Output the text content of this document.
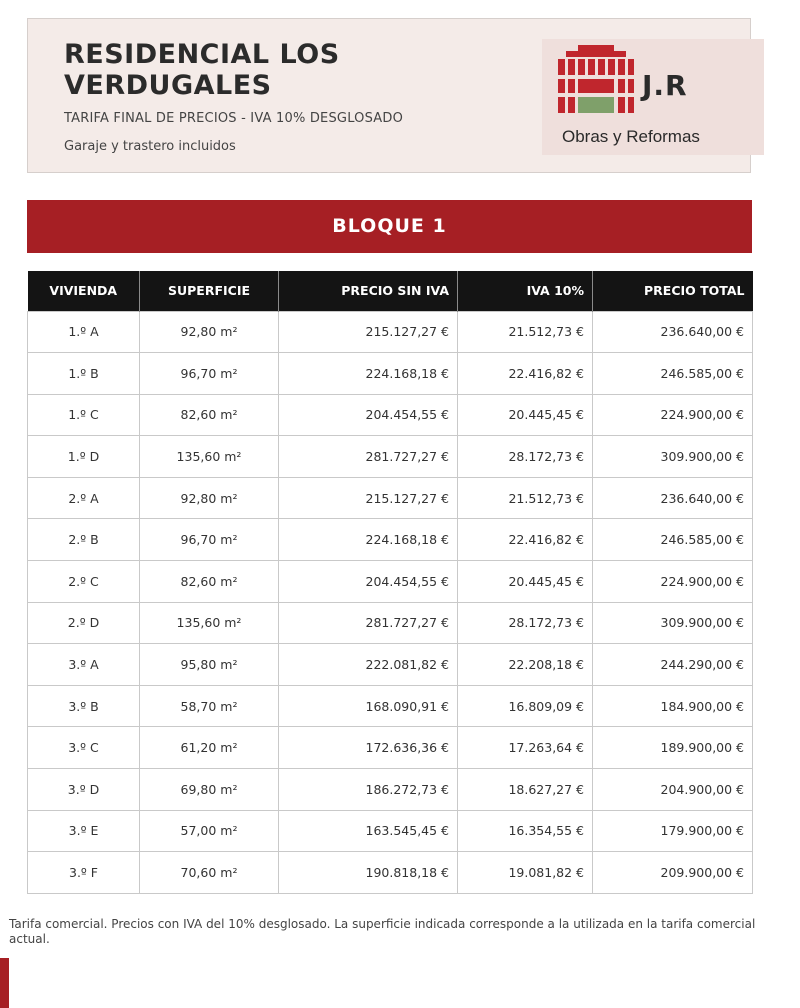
RESIDENCIAL LOS VERDUGALES
TARIFA FINAL DE PRECIOS - IVA 10% DESGLOSADO
Garaje y trastero incluidos
J.R
Obras y Reformas
BLOQUE 1
VIVIENDA	SUPERFICIE	PRECIO SIN IVA	IVA 10%	PRECIO TOTAL
1.º A	92,80 m²	215.127,27 €	21.512,73 €	236.640,00 €
1.º B	96,70 m²	224.168,18 €	22.416,82 €	246.585,00 €
1.º C	82,60 m²	204.454,55 €	20.445,45 €	224.900,00 €
1.º D	135,60 m²	281.727,27 €	28.172,73 €	309.900,00 €
2.º A	92,80 m²	215.127,27 €	21.512,73 €	236.640,00 €
2.º B	96,70 m²	224.168,18 €	22.416,82 €	246.585,00 €
2.º C	82,60 m²	204.454,55 €	20.445,45 €	224.900,00 €
2.º D	135,60 m²	281.727,27 €	28.172,73 €	309.900,00 €
3.º A	95,80 m²	222.081,82 €	22.208,18 €	244.290,00 €
3.º B	58,70 m²	168.090,91 €	16.809,09 €	184.900,00 €
3.º C	61,20 m²	172.636,36 €	17.263,64 €	189.900,00 €
3.º D	69,80 m²	186.272,73 €	18.627,27 €	204.900,00 €
3.º E	57,00 m²	163.545,45 €	16.354,55 €	179.900,00 €
3.º F	70,60 m²	190.818,18 €	19.081,82 €	209.900,00 €
Tarifa comercial. Precios con IVA del 10% desglosado. La superficie indicada corresponde a la utilizada en la tarifa comercial actual.
